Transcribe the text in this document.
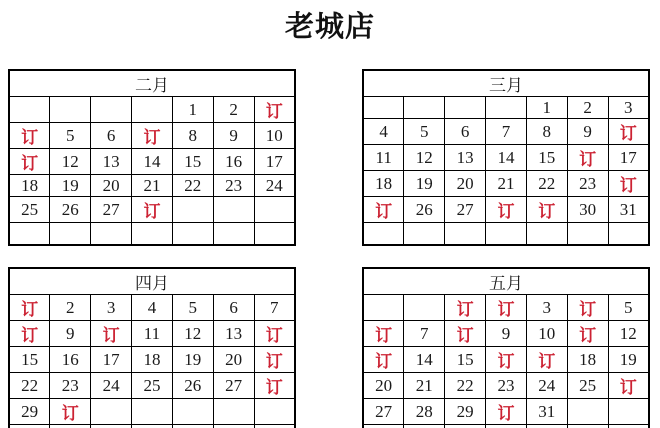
老城店
二月						
				1	2	订
订	5	6	订	8	9	10
订	12	13	14	15	16	17
18	19	20	21	22	23	24
25	26	27	订			

三月						
				1	2	3
4	5	6	7	8	9	订
11	12	13	14	15	订	17
18	19	20	21	22	23	订
订	26	27	订	订	30	31

四月						
订	2	3	4	5	6	7
订	9	订	11	12	13	订
15	16	17	18	19	20	订
22	23	24	25	26	27	订
29	订					

五月						
		订	订	3	订	5
订	7	订	9	10	订	12
订	14	15	订	订	18	19
20	21	22	23	24	25	订
27	28	29	订	31		
